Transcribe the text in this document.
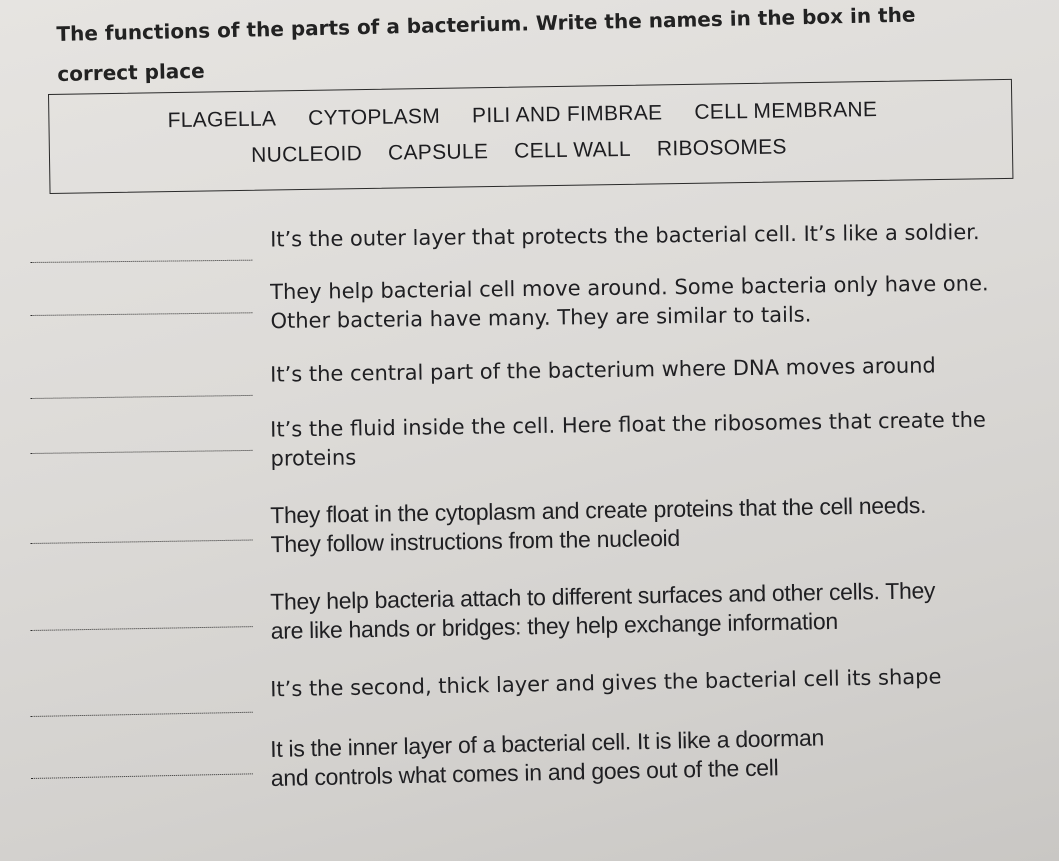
The functions of the parts of a bacterium. Write the names in the box in the correct place
FLAGELLA CYTOPLASM PILI AND FIMBRAE CELL MEMBRANE
NUCLEOID CAPSULE CELL WALL RIBOSOMES
It’s the outer layer that protects the bacterial cell. It’s like a soldier.
They help bacterial cell move around. Some bacteria only have one.
Other bacteria have many. They are similar to tails.
It’s the central part of the bacterium where DNA moves around
It’s the fluid inside the cell. Here float the ribosomes that create the
proteins
They float in the cytoplasm and create proteins that the cell needs.
They follow instructions from the nucleoid
They help bacteria attach to different surfaces and other cells. They
are like hands or bridges: they help exchange information
It’s the second, thick layer and gives the bacterial cell its shape
It is the inner layer of a bacterial cell. It is like a doorman
and controls what comes in and goes out of the cell
